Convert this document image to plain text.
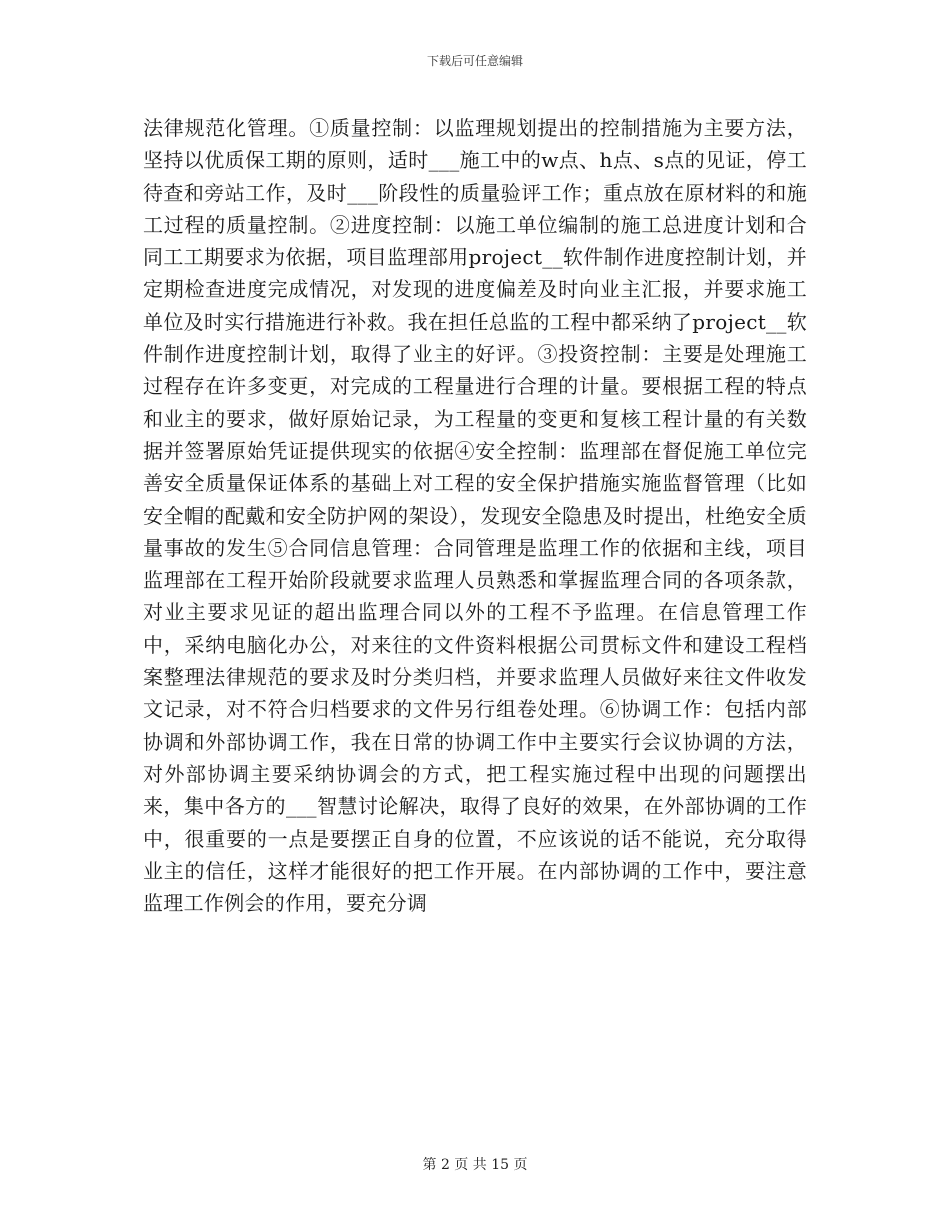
下载后可任意编辑

法律规范化管理。①质量控制：以监理规划提出的控制措施为主要方法，坚持以优质保工期的原则，适时___施工中的w点、h点、s点的见证，停工待查和旁站工作，及时___阶段性的质量验评工作；重点放在原材料的和施工过程的质量控制。②进度控制：以施工单位编制的施工总进度计划和合同工工期要求为依据，项目监理部用project__软件制作进度控制计划，并定期检查进度完成情况，对发现的进度偏差及时向业主汇报，并要求施工单位及时实行措施进行补救。我在担任总监的工程中都采纳了project__软件制作进度控制计划，取得了业主的好评。③投资控制：主要是处理施工过程存在许多变更，对完成的工程量进行合理的计量。要根据工程的特点和业主的要求，做好原始记录，为工程量的变更和复核工程计量的有关数据并签署原始凭证提供现实的依据④安全控制：监理部在督促施工单位完善安全质量保证体系的基础上对工程的安全保护措施实施监督管理（比如安全帽的配戴和安全防护网的架设），发现安全隐患及时提出，杜绝安全质量事故的发生⑤合同信息管理：合同管理是监理工作的依据和主线，项目监理部在工程开始阶段就要求监理人员熟悉和掌握监理合同的各项条款，对业主要求见证的超出监理合同以外的工程不予监理。在信息管理工作中，采纳电脑化办公，对来往的文件资料根据公司贯标文件和建设工程档案整理法律规范的要求及时分类归档，并要求监理人员做好来往文件收发文记录，对不符合归档要求的文件另行组卷处理。⑥协调工作：包括内部协调和外部协调工作，我在日常的协调工作中主要实行会议协调的方法，对外部协调主要采纳协调会的方式，把工程实施过程中出现的问题摆出来，集中各方的___智慧讨论解决，取得了良好的效果，在外部协调的工作中，很重要的一点是要摆正自身的位置，不应该说的话不能说，充分取得业主的信任，这样才能很好的把工作开展。在内部协调的工作中，要注意监理工作例会的作用，要充分调

第 2 页 共 15 页
